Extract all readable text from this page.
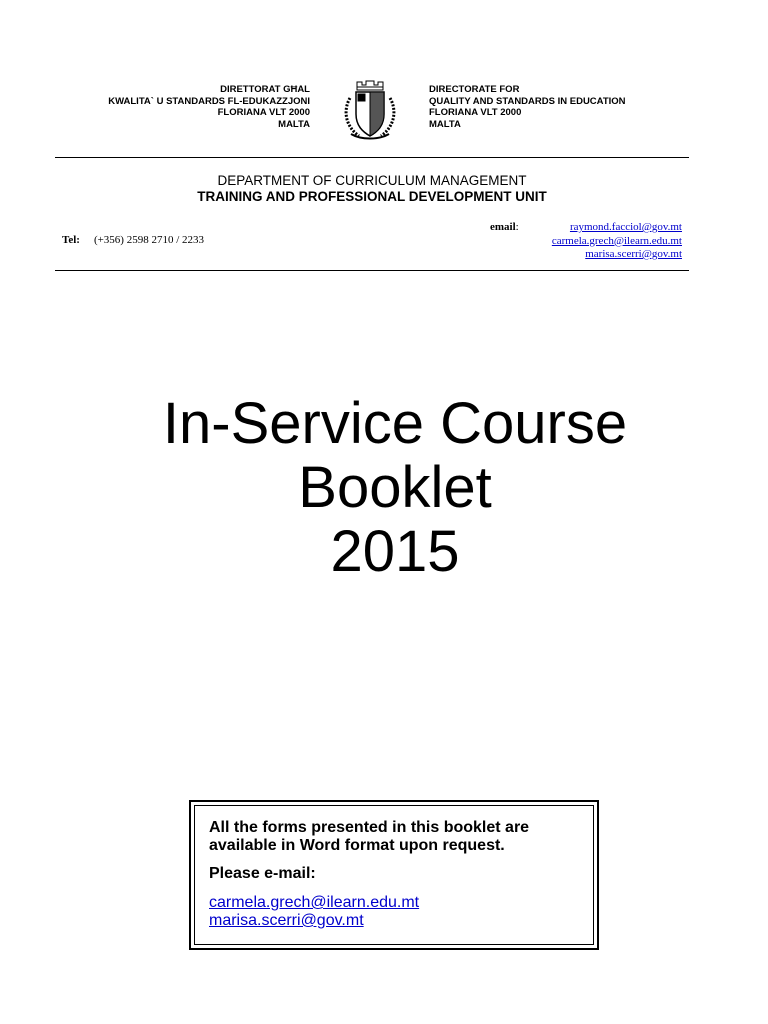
DIRETTORAT GĦAL
KWALITA` U STANDARDS FL-EDUKAZZJONI
FLORIANA VLT 2000
MALTA
DIRECTORATE FOR
QUALITY AND STANDARDS IN EDUCATION
FLORIANA VLT 2000
MALTA
DEPARTMENT OF CURRICULUM MANAGEMENT
TRAINING AND PROFESSIONAL DEVELOPMENT UNIT
Tel: (+356) 2598 2710 / 2233
email:	raymond.facciol@gov.mt
carmela.grech@ilearn.edu.mt
marisa.scerri@gov.mt
In-Service Course
Booklet
2015

All the forms presented in this booklet are available in Word format upon request.

Please e-mail:

carmela.grech@ilearn.edu.mt
marisa.scerri@gov.mt
